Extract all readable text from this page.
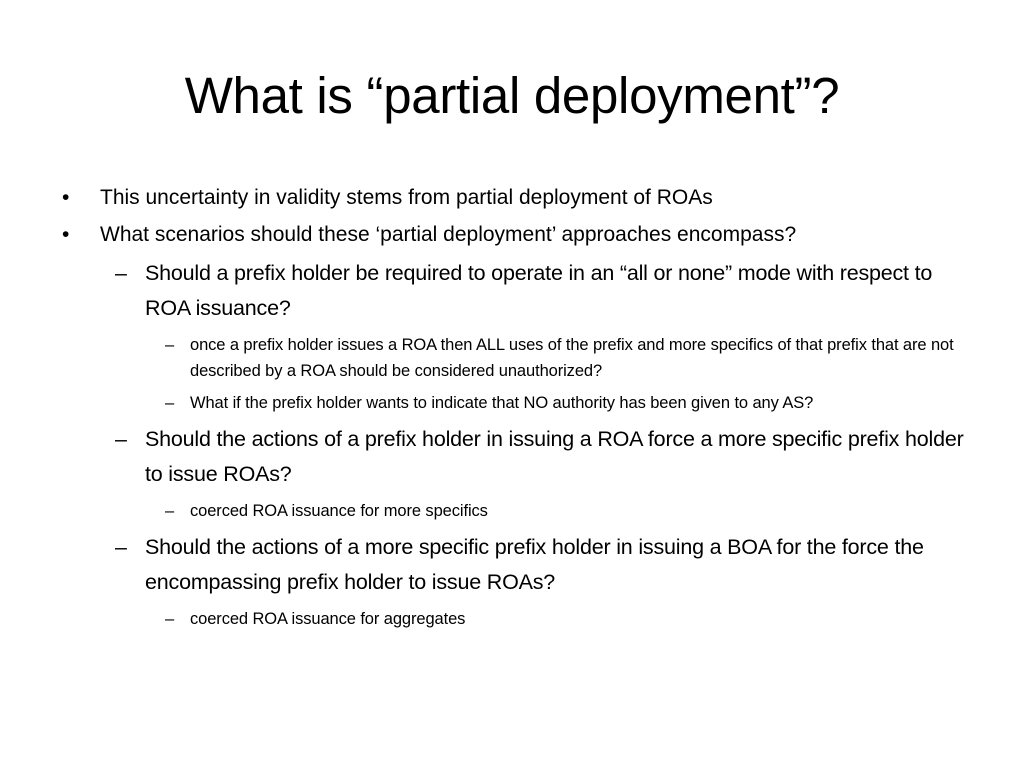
What is “partial deployment”?
• This uncertainty in validity stems from partial deployment of ROAs
• What scenarios should these ‘partial deployment’ approaches encompass?
– Should a prefix holder be required to operate in an “all or none” mode with respect to ROA issuance?
– once a prefix holder issues a ROA then ALL uses of the prefix and more specifics of that prefix that are not described by a ROA should be considered unauthorized?
– What if the prefix holder wants to indicate that NO authority has been given to any AS?
– Should the actions of a prefix holder in issuing a ROA force a more specific prefix holder to issue ROAs?
– coerced ROA issuance for more specifics
– Should the actions of a more specific prefix holder in issuing a BOA for the force the encompassing prefix holder to issue ROAs?
– coerced ROA issuance for aggregates
